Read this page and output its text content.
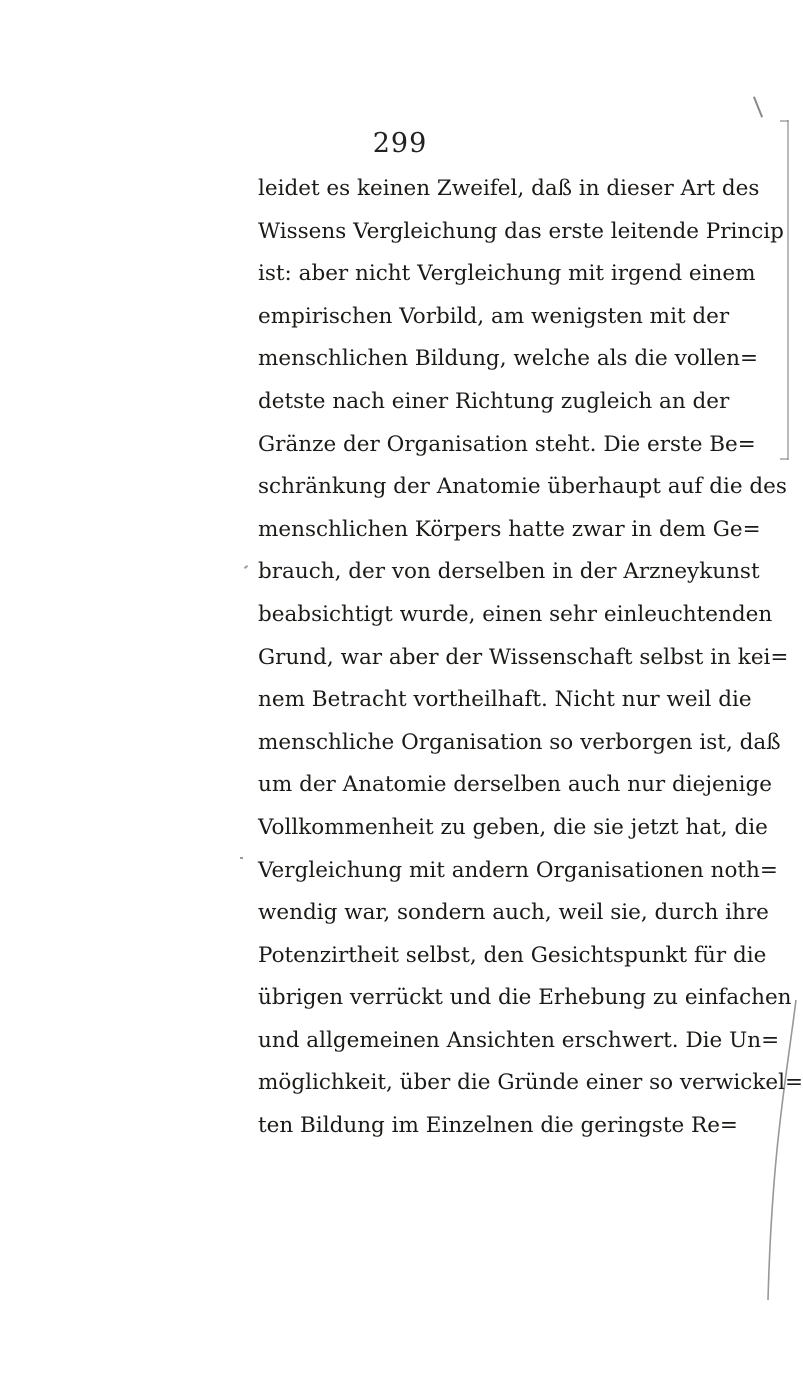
299
leidet es keinen Zweifel, daß in dieser Art des
Wissens Vergleichung das erste leitende Princip
ist: aber nicht Vergleichung mit irgend einem
empirischen Vorbild, am wenigsten mit der
menschlichen Bildung, welche als die vollen=
detste nach einer Richtung zugleich an der
Gränze der Organisation steht. Die erste Be=
schränkung der Anatomie überhaupt auf die des
menschlichen Körpers hatte zwar in dem Ge=
brauch, der von derselben in der Arzneykunst
beabsichtigt wurde, einen sehr einleuchtenden
Grund, war aber der Wissenschaft selbst in kei=
nem Betracht vortheilhaft. Nicht nur weil die
menschliche Organisation so verborgen ist, daß
um der Anatomie derselben auch nur diejenige
Vollkommenheit zu geben, die sie jetzt hat, die
Vergleichung mit andern Organisationen noth=
wendig war, sondern auch, weil sie, durch ihre
Potenzirtheit selbst, den Gesichtspunkt für die
übrigen verrückt und die Erhebung zu einfachen
und allgemeinen Ansichten erschwert. Die Un=
möglichkeit, über die Gründe einer so verwickel=
ten Bildung im Einzelnen die geringste Re=
